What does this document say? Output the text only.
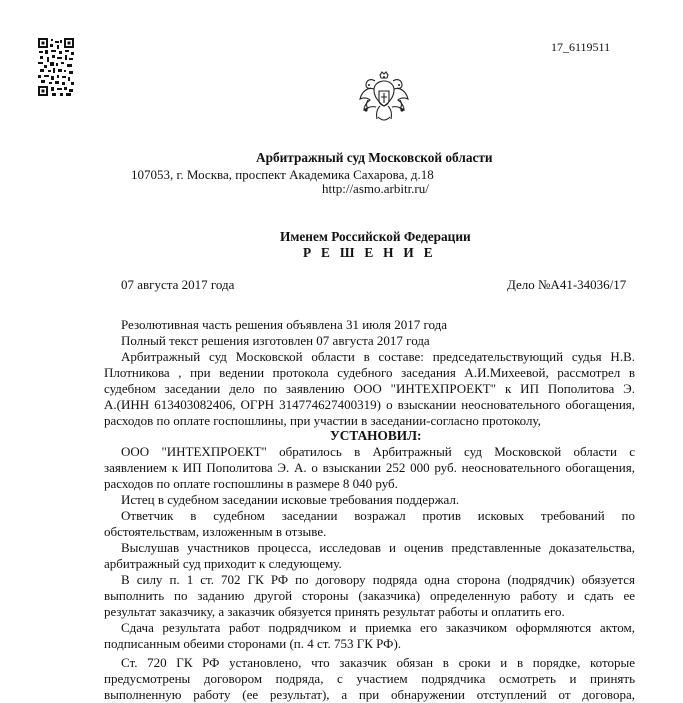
17_6119511
Арбитражный суд Московской области
107053, г. Москва, проспект Академика Сахарова, д.18
http://asmo.arbitr.ru/
Именем Российской Федерации
Р Е Ш Е Н И Е
07 августа 2017 года	Дело №А41-34036/17
Резолютивная часть решения объявлена 31 июля 2017 года
Полный текст решения изготовлен 07 августа 2017 года
Арбитражный суд Московской области в составе: председательствующий судья Н.В.
Плотникова , при ведении протокола судебного заседания А.И.Михеевой, рассмотрел в
судебном заседании дело по заявлению ООО "ИНТЕХПРОЕКТ" к ИП Пополитова Э.
А.(ИНН 613403082406, ОГРН 314774627400319) о взыскании неосновательного обогащения,
расходов по оплате госпошлины, при участии в заседании-согласно протоколу,
УСТАНОВИЛ:
ООО "ИНТЕХПРОЕКТ" обратилось в Арбитражный суд Московской области с
заявлением к ИП Пополитова Э. А. о взыскании 252 000 руб. неосновательного обогащения,
расходов по оплате госпошлины в размере 8 040 руб.
Истец в судебном заседании исковые требования поддержал.
Ответчик в судебном заседании возражал против исковых требований по
обстоятельствам, изложенным в отзыве.
Выслушав участников процесса, исследовав и оценив представленные доказательства,
арбитражный суд приходит к следующему.
В силу п. 1 ст. 702 ГК РФ по договору подряда одна сторона (подрядчик) обязуется
выполнить по заданию другой стороны (заказчика) определенную работу и сдать ее
результат заказчику, а заказчик обязуется принять результат работы и оплатить его.
Сдача результата работ подрядчиком и приемка его заказчиком оформляются актом,
подписанным обеими сторонами (п. 4 ст. 753 ГК РФ).
Ст. 720 ГК РФ установлено, что заказчик обязан в сроки и в порядке, которые
предусмотрены договором подряда, с участием подрядчика осмотреть и принять
выполненную работу (ее результат), а при обнаружении отступлений от договора,
